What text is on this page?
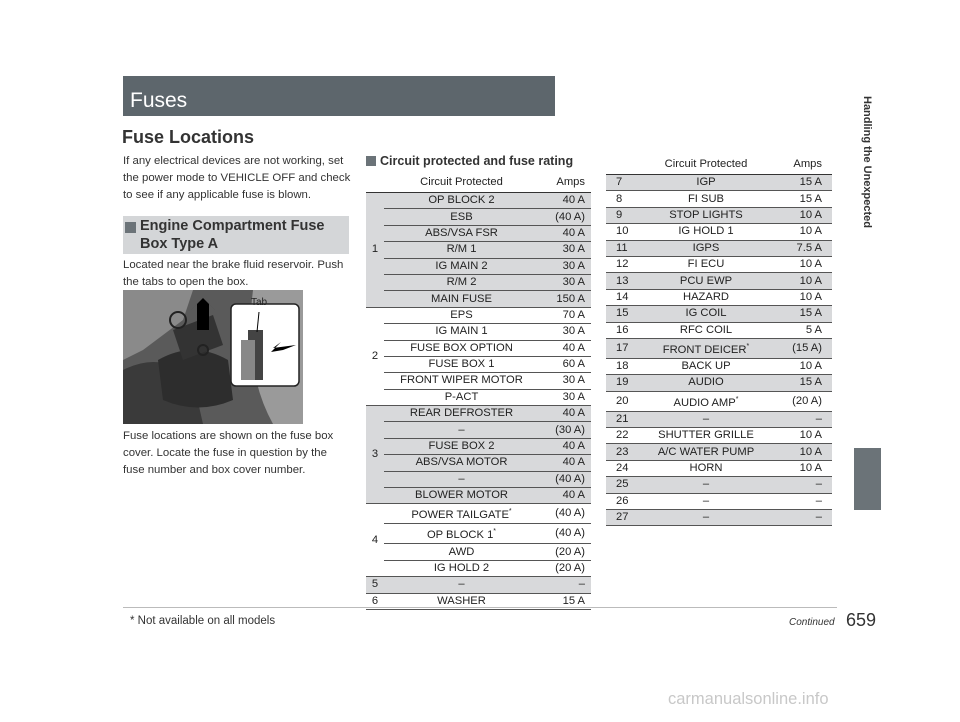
Fuses
Fuse Locations

If any electrical devices are not working, set the power mode to VEHICLE OFF and check to see if any applicable fuse is blown.

Engine Compartment Fuse Box Type A

Located near the brake fluid reservoir. Push the tabs to open the box.

Tab

Fuse locations are shown on the fuse box cover. Locate the fuse in question by the fuse number and box cover number.

Circuit protected and fuse rating
	Circuit Protected	Amps
1	OP BLOCK 2	40 A
	ESB	(40 A)
	ABS/VSA FSR	40 A
	R/M 1	30 A
	IG MAIN 2	30 A
	R/M 2	30 A
	MAIN FUSE	150 A
2	EPS	70 A
	IG MAIN 1	30 A
	FUSE BOX OPTION	40 A
	FUSE BOX 1	60 A
	FRONT WIPER MOTOR	30 A
	P-ACT	30 A
3	REAR DEFROSTER	40 A
	–	(30 A)
	FUSE BOX 2	40 A
	ABS/VSA MOTOR	40 A
	–	(40 A)
	BLOWER MOTOR	40 A
4	POWER TAILGATE*	(40 A)
	OP BLOCK 1*	(40 A)
	AWD	(20 A)
	IG HOLD 2	(20 A)
5	–	–
6	WASHER	15 A
	Circuit Protected	Amps
7	IGP	15 A
8	FI SUB	15 A
9	STOP LIGHTS	10 A
10	IG HOLD 1	10 A
11	IGPS	7.5 A
12	FI ECU	10 A
13	PCU EWP	10 A
14	HAZARD	10 A
15	IG COIL	15 A
16	RFC COIL	5 A
17	FRONT DEICER*	(15 A)
18	BACK UP	10 A
19	AUDIO	15 A
20	AUDIO AMP*	(20 A)
21	–	–
22	SHUTTER GRILLE	10 A
23	A/C WATER PUMP	10 A
24	HORN	10 A
25	–	–
26	–	–
27	–	–
Handling the Unexpected
* Not available on all models	Continued 659
carmanualsonline.info
